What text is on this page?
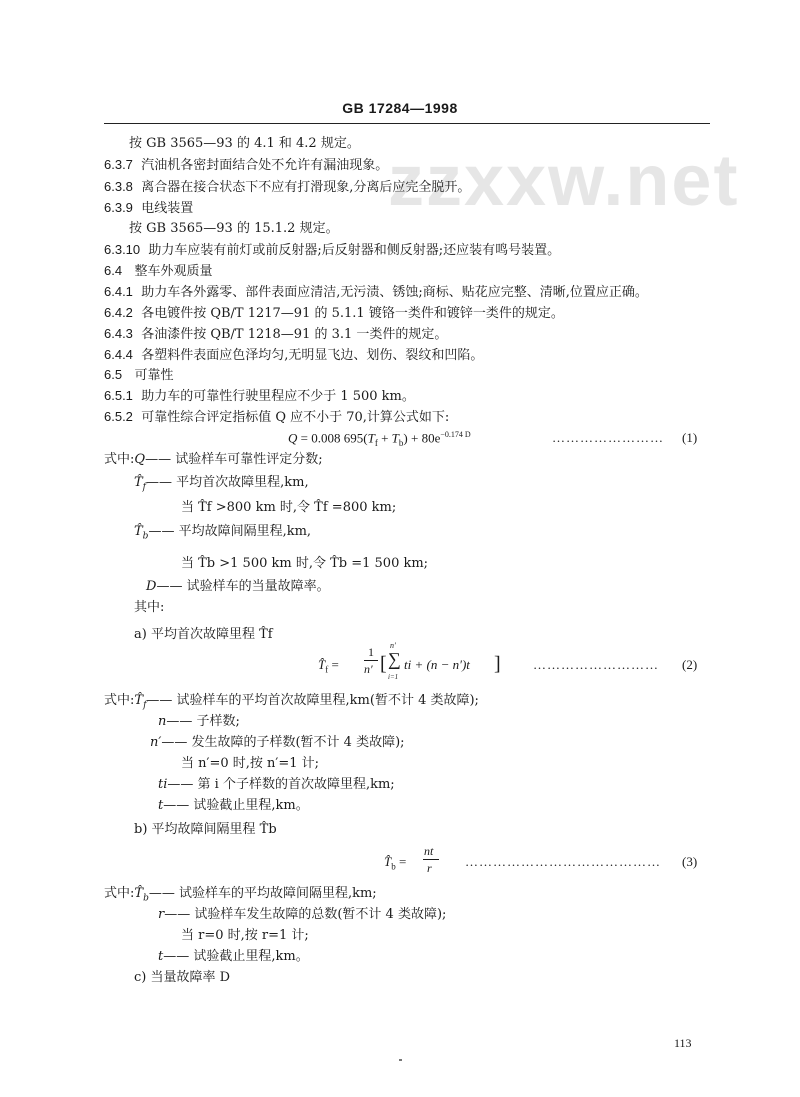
GB 17284—1998
zzxxw.net
按 GB 3565—93 的 4.1 和 4.2 规定。
6.3.7 汽油机各密封面结合处不允许有漏油现象。
6.3.8 离合器在接合状态下不应有打滑现象,分离后应完全脱开。
6.3.9 电线装置
按 GB 3565—93 的 15.1.2 规定。
6.3.10 助力车应装有前灯或前反射器;后反射器和侧反射器;还应装有鸣号装置。
6.4 整车外观质量
6.4.1 助力车各外露零、部件表面应清洁,无污渍、锈蚀;商标、贴花应完整、清晰,位置应正确。
6.4.2 各电镀件按 QB/T 1217—91 的 5.1.1 镀铬一类件和镀锌一类件的规定。
6.4.3 各油漆件按 QB/T 1218—91 的 3.1 一类件的规定。
6.4.4 各塑料件表面应色泽均匀,无明显飞边、划伤、裂纹和凹陷。
6.5 可靠性
6.5.1 助力车的可靠性行驶里程应不少于 1 500 km。
6.5.2 可靠性综合评定指标值 Q 应不小于 70,计算公式如下:
Q = 0.008 $695(T_f + T_b) + 80e^{-0.174 D}$	…………………… (1)
式中:Q—— 试验样车可靠性评定分数;
$T̂_f——$ 平均首次故障里程,km,
当 T̂f >800 km 时,令 T̂f =800 km;
$T̂_b——$ 平均故障间隔里程,km,
当 T̂b >1 500 km 时,令 T̂b =1 500 km;
D—— 试验样车的当量故障率。
其中:
a) 平均首次故障里程 T̂f
$T̂_f$ =
1
n′ [
n′
∑
i=1
ti + (n − n′)t ] ……………………… (2)
式中$:T̂_f——$ 试验样车的平均首次故障里程,km(暂不计 4 类故障);
n—— 子样数;
n′—— 发生故障的子样数(暂不计 4 类故障);
当 n′=0 时,按 n′=1 计;
ti—— 第 i 个子样数的首次故障里程,km;
t—— 试验截止里程,km。
b) 平均故障间隔里程 T̂b
$T̂_b$ =
nt
r	…………………………………… (3)
式中$:T̂_b——$ 试验样车的平均故障间隔里程,km;
r—— 试验样车发生故障的总数(暂不计 4 类故障);
当 r=0 时,按 r=1 计;
t—— 试验截止里程,km。
c) 当量故障率 D
113
